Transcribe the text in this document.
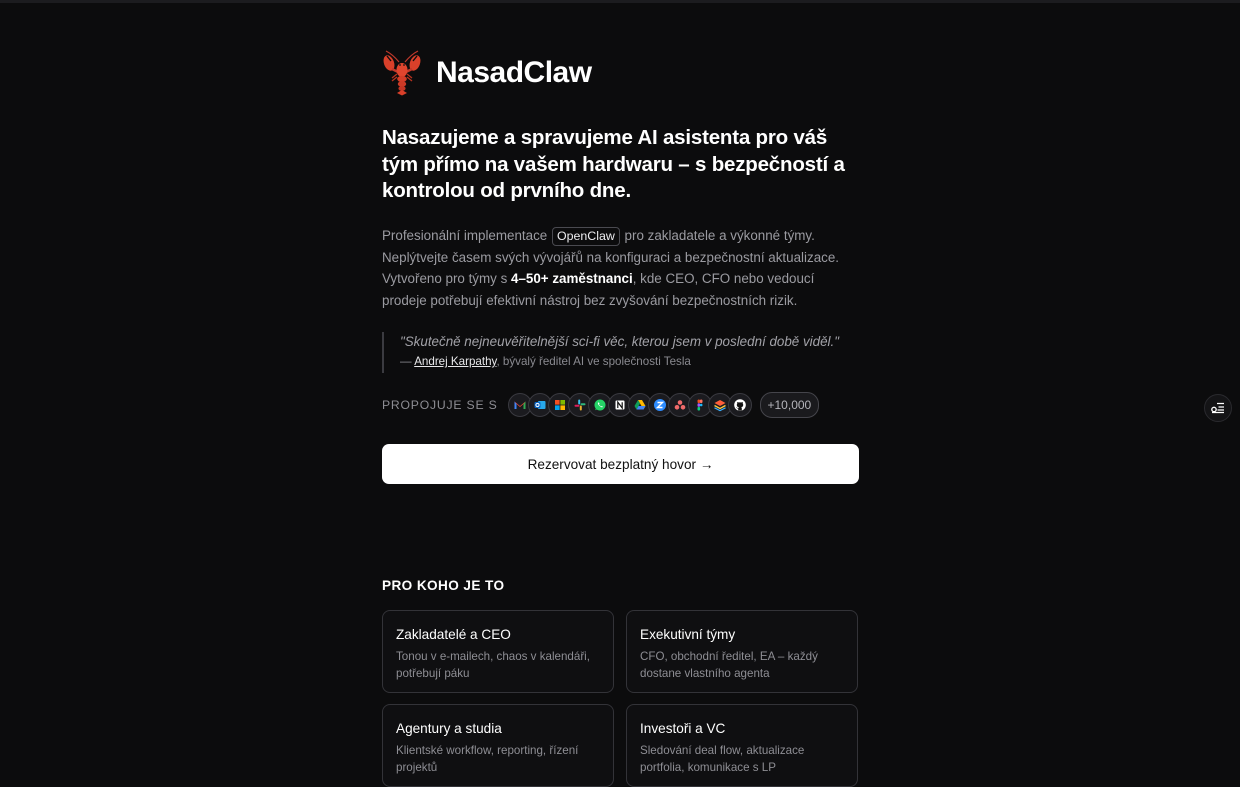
NasadClaw
Nasazujeme a spravujeme AI asistenta pro váš tým přímo na vašem hardwaru – s bezpečností a kontrolou od prvního dne.

Profesionální implementace OpenClaw pro zakladatele a výkonné týmy. Neplýtvejte časem svých vývojářů na konfiguraci a bezpečnostní aktualizace. Vytvořeno pro týmy s 4–50+ zaměstnanci, kde CEO, CFO nebo vedoucí prodeje potřebují efektivní nástroj bez zvyšování bezpečnostních rizik.

"Skutečně nejneuvěřitelnější sci-fi věc, kterou jsem v poslední době viděl."
— Andrej Karpathy, bývalý ředitel AI ve společnosti Tesla
PROPOJUJE SE S	+10,000
Rezervovat bezplatný hovor →
PRO KOHO JE TO
Zakladatelé a CEO
Tonou v e-mailech, chaos v kalendáři, potřebují páku
Exekutivní týmy
CFO, obchodní ředitel, EA – každý dostane vlastního agenta
Agentury a studia
Klientské workflow, reporting, řízení projektů
Investoři a VC
Sledování deal flow, aktualizace portfolia, komunikace s LP
